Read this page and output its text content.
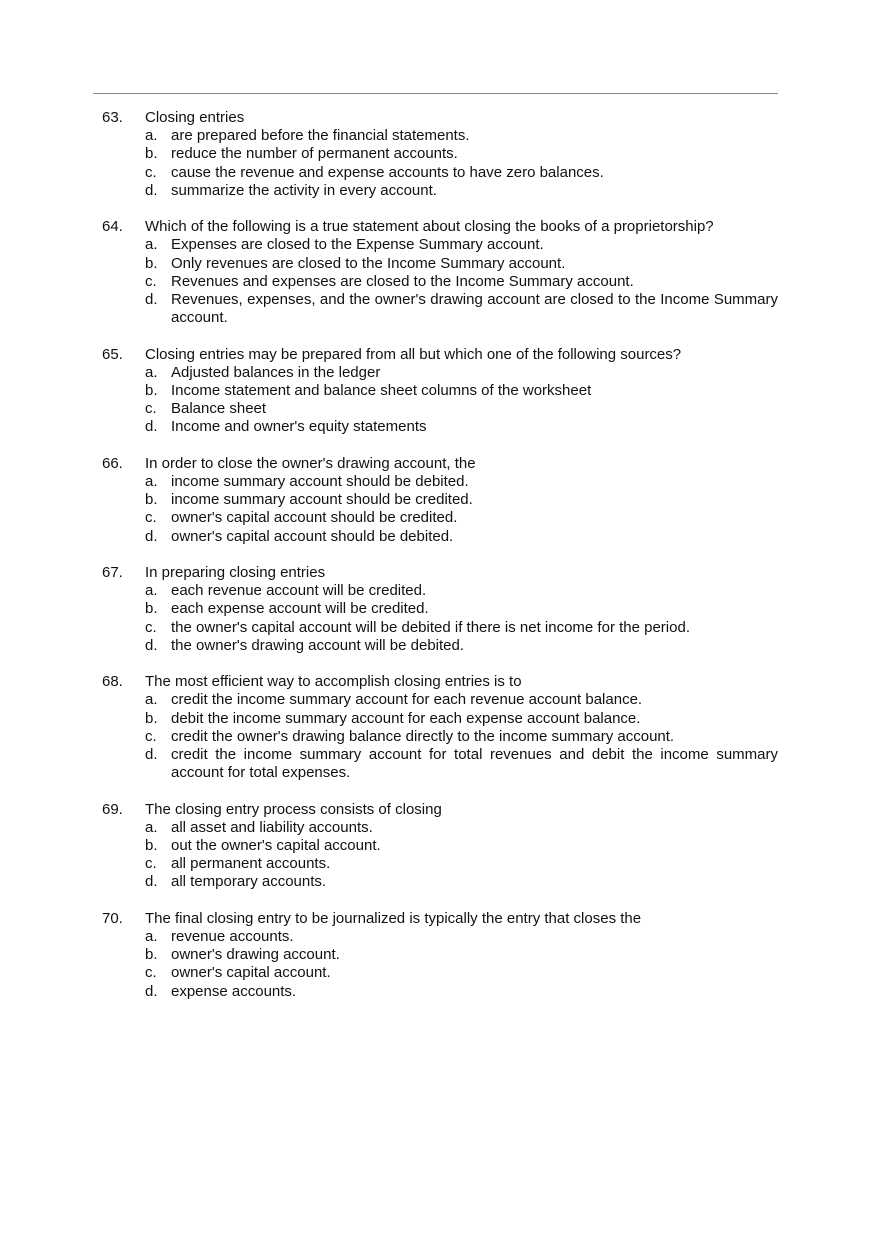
63.	Closing entries
a. are prepared before the financial statements.
b. reduce the number of permanent accounts.
c. cause the revenue and expense accounts to have zero balances.
d. summarize the activity in every account.
64.	Which of the following is a true statement about closing the books of a proprietorship?
a. Expenses are closed to the Expense Summary account.
b. Only revenues are closed to the Income Summary account.
c. Revenues and expenses are closed to the Income Summary account.
d. Revenues, expenses, and the owner's drawing account are closed to the Income Summary account.
65.	Closing entries may be prepared from all but which one of the following sources?
a. Adjusted balances in the ledger
b. Income statement and balance sheet columns of the worksheet
c. Balance sheet
d. Income and owner's equity statements
66.	In order to close the owner's drawing account, the
a. income summary account should be debited.
b. income summary account should be credited.
c. owner's capital account should be credited.
d. owner's capital account should be debited.
67.	In preparing closing entries
a. each revenue account will be credited.
b. each expense account will be credited.
c. the owner's capital account will be debited if there is net income for the period.
d. the owner's drawing account will be debited.
68.	The most efficient way to accomplish closing entries is to
a. credit the income summary account for each revenue account balance.
b. debit the income summary account for each expense account balance.
c. credit the owner's drawing balance directly to the income summary account.
d. credit the income summary account for total revenues and debit the income summary account for total expenses.
69.	The closing entry process consists of closing
a. all asset and liability accounts.
b. out the owner's capital account.
c. all permanent accounts.
d. all temporary accounts.
70.	The final closing entry to be journalized is typically the entry that closes the
a. revenue accounts.
b. owner's drawing account.
c. owner's capital account.
d. expense accounts.
